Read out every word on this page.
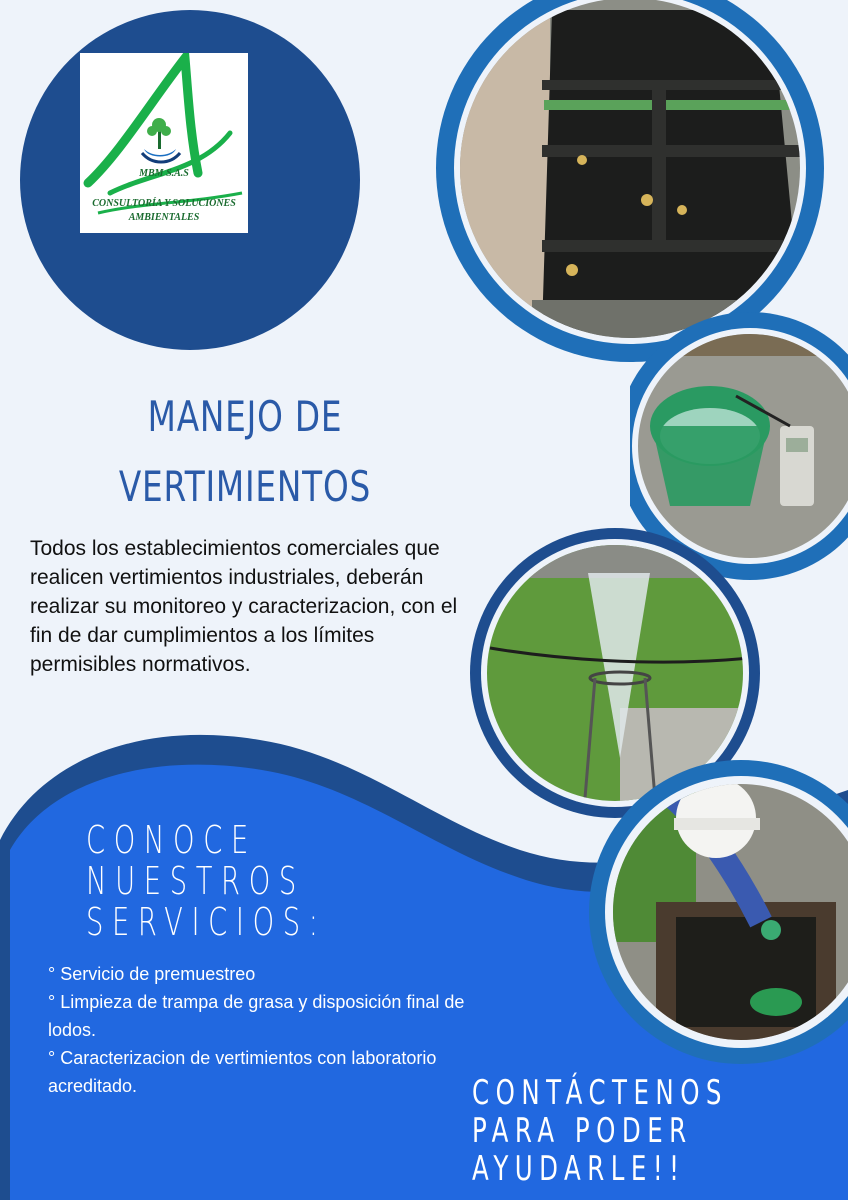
MBM S.A.S
CONSULTORÍA Y SOLUCIONES
AMBIENTALES
MANEJO DE
VERTIMIENTOS

Todos los establecimientos comerciales que realicen vertimientos industriales, deberán realizar su monitoreo y caracterizacion, con el fin de dar cumplimientos a los límites permisibles normativos.

CONOCE
NUESTROS
SERVICIOS:
° Servicio de premuestreo
° Limpieza de trampa de grasa y disposición final de lodos.
° Caracterizacion de vertimientos con laboratorio acreditado.	CONTÁCTENOS
PARA PODER
AYUDARLE!!
